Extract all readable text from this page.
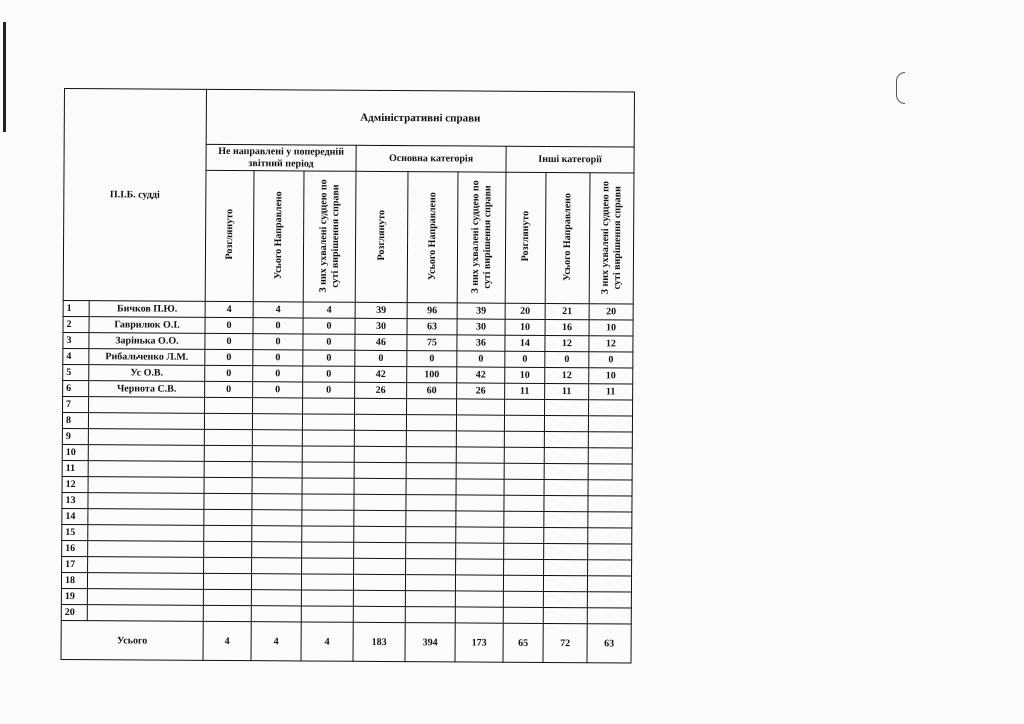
П.І.Б. судді		Адміністративні справи								
		Не направлені у попередній звітний період			Основна категорія			Інші категорії		
		Розглянуто	Усього Направлено	З них ухвалені судцею по суті вирішення справи	Розглянуто	Усього Направлено	З них ухвалені судцею по суті вирішення справи	Розглянуто	Усього Направлено	З них ухвалені судцею по суті вирішення справи
1	Бичков П.Ю.	4	4	4	39	96	39	20	21	20
2	Гаврилюк О.І.	0	0	0	30	63	30	10	16	10
3	Зарінька О.О.	0	0	0	46	75	36	14	12	12
4	Рибальченко Л.М.	0	0	0	0	0	0	0	0	0
5	Ус О.В.	0	0	0	42	100	42	10	12	10
6	Чернота С.В.	0	0	0	26	60	26	11	11	11
7										
8										
9										
10										
11										
12										
13										
14										
15										
16										
17										
18										
19										
20										
Усього		4	4	4	183	394	173	65	72	63
